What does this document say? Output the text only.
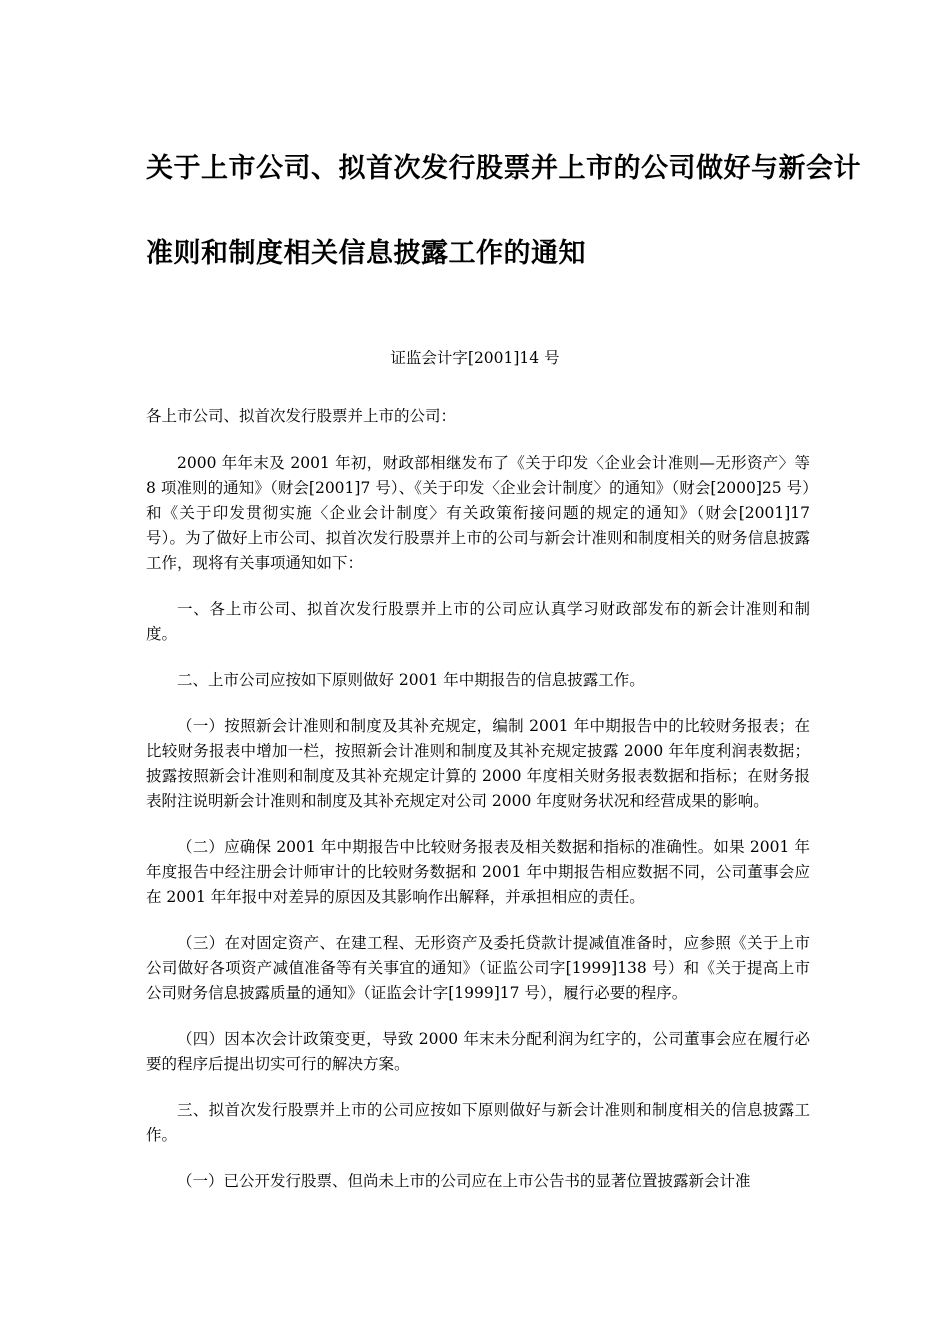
关于上市公司、拟首次发行股票并上市的公司做好与新会计
准则和制度相关信息披露工作的通知
证监会计字[2001]14 号

各上市公司、拟首次发行股票并上市的公司：

2000 年年末及 2001 年初，财政部相继发布了《关于印发〈企业会计准则—无形资产〉等 8 项准则的通知》（财会[2001]7 号）、《关于印发〈企业会计制度〉的通知》（财会[2000]25 号）和《关于印发贯彻实施〈企业会计制度〉有关政策衔接问题的规定的通知》（财会[2001]17 号）。为了做好上市公司、拟首次发行股票并上市的公司与新会计准则和制度相关的财务信息披露工作，现将有关事项通知如下：

一、各上市公司、拟首次发行股票并上市的公司应认真学习财政部发布的新会计准则和制度。

二、上市公司应按如下原则做好 2001 年中期报告的信息披露工作。

（一）按照新会计准则和制度及其补充规定，编制 2001 年中期报告中的比较财务报表；在比较财务报表中增加一栏，按照新会计准则和制度及其补充规定披露 2000 年年度利润表数据；披露按照新会计准则和制度及其补充规定计算的 2000 年度相关财务报表数据和指标；在财务报表附注说明新会计准则和制度及其补充规定对公司 2000 年度财务状况和经营成果的影响。

（二）应确保 2001 年中期报告中比较财务报表及相关数据和指标的准确性。如果 2001 年年度报告中经注册会计师审计的比较财务数据和 2001 年中期报告相应数据不同，公司董事会应在 2001 年年报中对差异的原因及其影响作出解释，并承担相应的责任。

（三）在对固定资产、在建工程、无形资产及委托贷款计提减值准备时，应参照《关于上市公司做好各项资产减值准备等有关事宜的通知》（证监公司字[1999]138 号）和《关于提高上市公司财务信息披露质量的通知》（证监会计字[1999]17 号），履行必要的程序。

（四）因本次会计政策变更，导致 2000 年末未分配利润为红字的，公司董事会应在履行必要的程序后提出切实可行的解决方案。

三、拟首次发行股票并上市的公司应按如下原则做好与新会计准则和制度相关的信息披露工作。

（一）已公开发行股票、但尚未上市的公司应在上市公告书的显著位置披露新会计准
